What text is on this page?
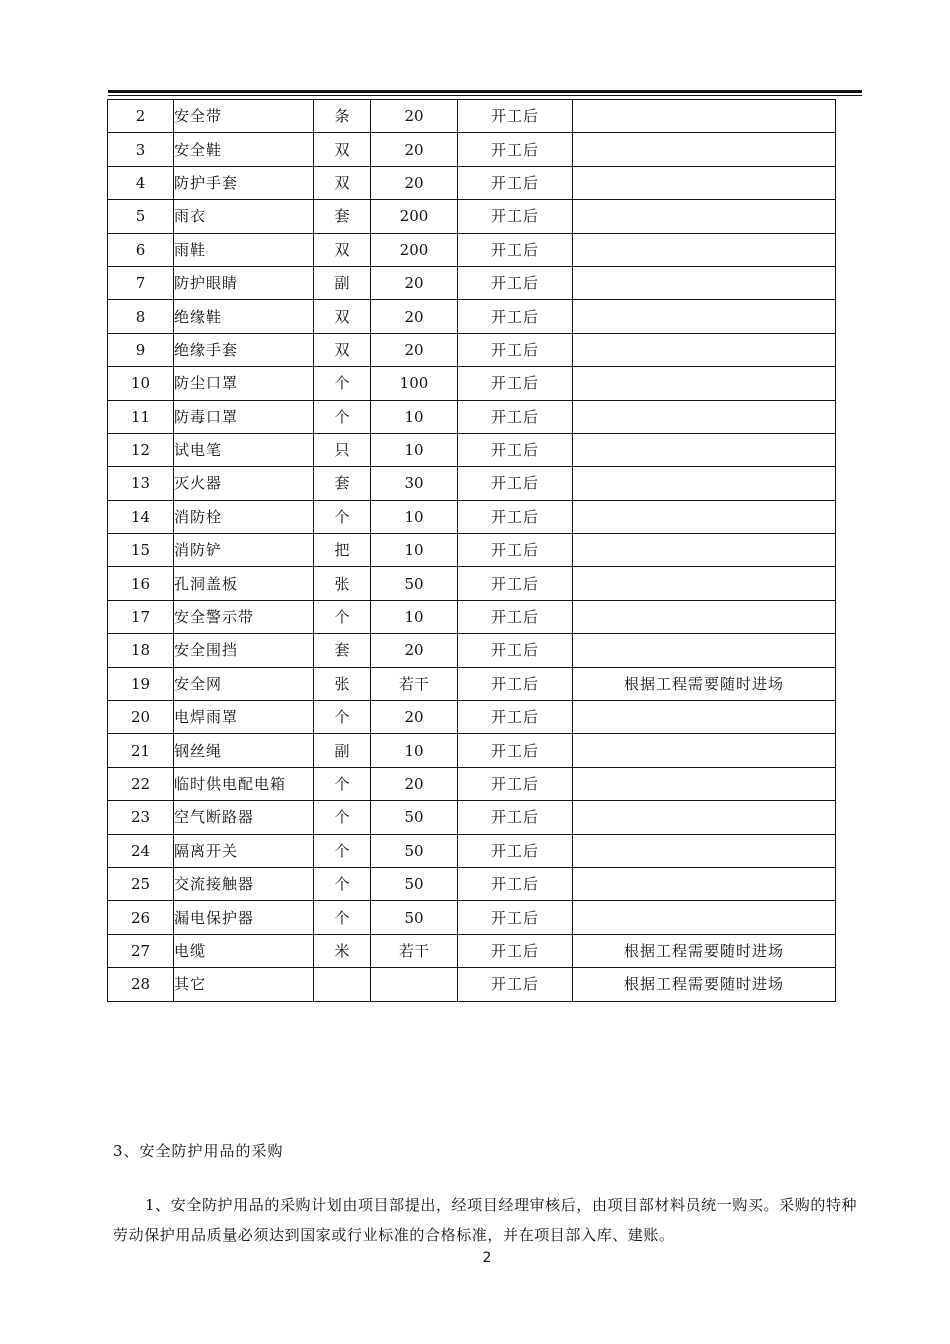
2	安全带	条	20	开工后	
3	安全鞋	双	20	开工后	
4	防护手套	双	20	开工后	
5	雨衣	套	200	开工后	
6	雨鞋	双	200	开工后	
7	防护眼睛	副	20	开工后	
8	绝缘鞋	双	20	开工后	
9	绝缘手套	双	20	开工后	
10	防尘口罩	个	100	开工后	
11	防毒口罩	个	10	开工后	
12	试电笔	只	10	开工后	
13	灭火器	套	30	开工后	
14	消防栓	个	10	开工后	
15	消防铲	把	10	开工后	
16	孔洞盖板	张	50	开工后	
17	安全警示带	个	10	开工后	
18	安全围挡	套	20	开工后	
19	安全网	张	若干	开工后	根据工程需要随时进场
20	电焊雨罩	个	20	开工后	
21	钢丝绳	副	10	开工后	
22	临时供电配电箱	个	20	开工后	
23	空气断路器	个	50	开工后	
24	隔离开关	个	50	开工后	
25	交流接触器	个	50	开工后	
26	漏电保护器	个	50	开工后	
27	电缆	米	若干	开工后	根据工程需要随时进场
28	其它			开工后	根据工程需要随时进场
3、安全防护用品的采购
1、安全防护用品的采购计划由项目部提出，经项目经理审核后，由项目部材料员统一购买。采购的特种劳动保护用品质量必须达到国家或行业标准的合格标准，并在项目部入库、建账。
2
